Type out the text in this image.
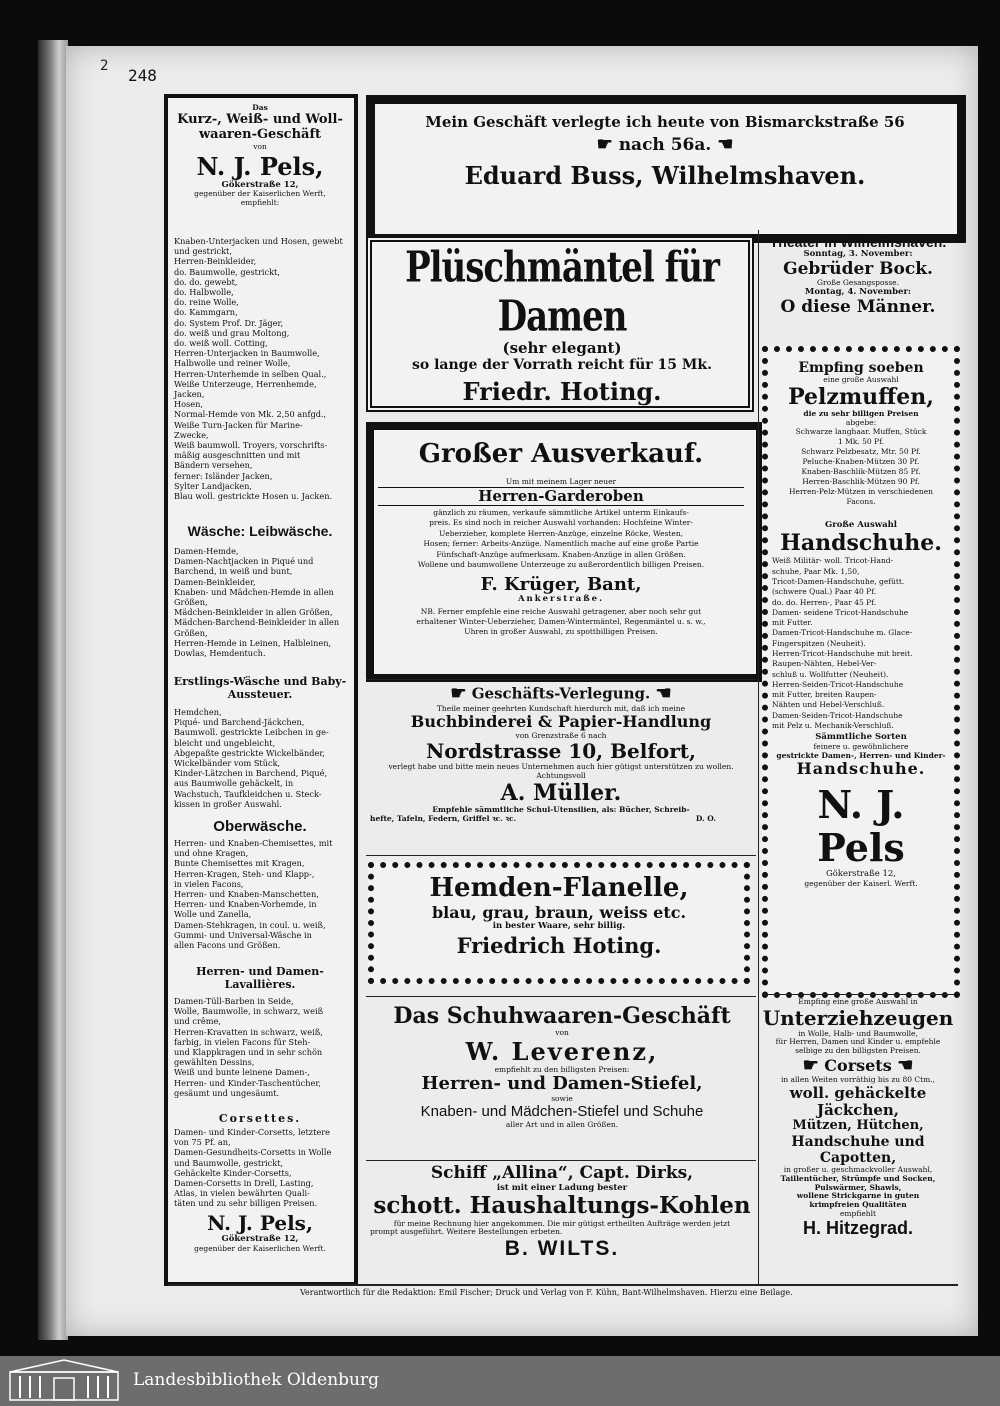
2 248
Das
Kurz-, Weiß- und Woll-
waaren-Geschäft
von
N. J. Pels,
Gökerstraße 12,
gegenüber der Kaiserlichen Werft,
empfiehlt:
Knaben-Unterjacken und Hosen, gewebt
und gestrickt,
Herren-Beinkleider,
do. Baumwolle, gestrickt,
do. do. gewebt,
do. Halbwolle,
do. reine Wolle,
do. Kammgarn,
do. System Prof. Dr. Jäger,
do. weiß und grau Moltong,
do. weiß woll. Cotting,
Herren-Unterjacken in Baumwolle,
Halbwolle und reiner Wolle,
Herren-Unterhemde in selben Qual.,
Weiße Unterzeuge, Herrenhemde, Jacken,
Hosen,
Normal-Hemde von Mk. 2,50 anfgd.,
Weiße Turn-Jacken für Marine-
Zwecke,
Weiß baumwoll. Troyers, vorschrifts-
mäßig ausgeschnitten und mit
Bändern versehen,
ferner: Isländer Jacken,
Sylter Landjacken,
Blau woll. gestrickte Hosen u. Jacken.
Wäsche: Leibwäsche.
Damen-Hemde,
Damen-Nachtjacken in Piqué und
Barchend, in weiß und bunt,
Damen-Beinkleider,
Knaben- und Mädchen-Hemde in allen
Größen,
Mädchen-Beinkleider in allen Größen,
Mädchen-Barchend-Beinkleider in allen
Größen,
Herren-Hemde in Leinen, Halbleinen,
Dowlas, Hemdentuch.
Erstlings-Wäsche und Baby-Aussteuer.
Hemdchen,
Piqué- und Barchend-Jäckchen,
Baumwoll. gestrickte Leibchen in ge-
bleicht und ungebleicht,
Abgepaßte gestrickte Wickelbänder,
Wickelbänder vom Stück,
Kinder-Lätzchen in Barchend, Piqué,
aus Baumwolle gehäckelt, in
Wachstuch, Taufkleidchen u. Steck-
kissen in großer Auswahl.
Oberwäsche.
Herren- und Knaben-Chemisettes, mit
und ohne Kragen,
Bunte Chemisettes mit Kragen,
Herren-Kragen, Steh- und Klapp-,
in vielen Facons,
Herren- und Knaben-Manschetten,
Herren- und Knaben-Vorhemde, in
Wolle und Zanella,
Damen-Stehkragen, in coul. u. weiß,
Gummi- und Universal-Wäsche in
allen Facons und Größen.
Herren- und Damen-Lavallières.
Damen-Tüll-Barben in Seide,
Wolle, Baumwolle, in schwarz, weiß
und crême,
Herren-Kravatten in schwarz, weiß,
farbig, in vielen Facons für Steh-
und Klappkragen und in sehr schön
gewählten Dessins,
Weiß und bunte leinene Damen-,
Herren- und Kinder-Taschentücher,
gesäumt und ungesäumt.
Corsettes.
Damen- und Kinder-Corsetts, letztere
von 75 Pf. an,
Damen-Gesundheits-Corsetts in Wolle
und Baumwolle, gestrickt,
Gehäckelte Kinder-Corsetts,
Damen-Corsetts in Drell, Lasting,
Atlas, in vielen bewährten Quali-
täten und zu sehr billigen Preisen.
N. J. Pels,
Gökerstraße 12,
gegenüber der Kaiserlichen Werft.
Mein Geschäft verlegte ich heute von Bismarckstraße 56
☛ nach 56a. ☚
Eduard Buss, Wilhelmshaven.
Plüschmäntel für Damen
(sehr elegant)
so lange der Vorrath reicht für 15 Mk.
Friedr. Hoting.
Großer Ausverkauf.
Um mit meinem Lager neuer
Herren-Garderoben
gänzlich zu räumen, verkaufe sämmtliche Artikel unterm Einkaufs-
preis. Es sind noch in reicher Auswahl vorhanden: Hochfeine Winter-
Ueberzieher, komplete Herren-Anzüge, einzelne Röcke, Westen,
Hosen; ferner: Arbeits-Anzüge. Namentlich mache auf eine große Partie
Fünfschaft-Anzüge aufmerksam. Knaben-Anzüge in allen Größen.
Wollene und baumwollene Unterzeuge zu außerordentlich billigen Preisen.
F. Krüger, Bant,
Ankerstraße.
NB. Ferner empfehle eine reiche Auswahl getragener, aber noch sehr gut
erhaltener Winter-Ueberzieher, Damen-Wintermäntel, Regenmäntel u. s. w.,
Uhren in großer Auswahl, zu spottbilligen Preisen.
☛ Geschäfts-Verlegung. ☚
Theile meiner geehrten Kundschaft hierdurch mit, daß ich meine
Buchbinderei & Papier-Handlung
von Grenzstraße 6 nach
Nordstrasse 10, Belfort,
verlegt habe und bitte mein neues Unternehmen auch hier gütigst unterstützen zu wollen.
Achtungsvoll
A. Müller.
Empfehle sämmtliche Schul-Utensilien, als: Bücher, Schreib-
hefte, Tafeln, Federn, Griffel ꝛc. ꝛc.	D. O.
Hemden-Flanelle,
blau, grau, braun, weiss etc.
in bester Waare, sehr billig.
Friedrich Hoting.
Das Schuhwaaren-Geschäft
von
W. Leverenz,
empfiehlt zu den billigsten Preisen:
Herren- und Damen-Stiefel,
sowie
Knaben- und Mädchen-Stiefel und Schuhe
aller Art und in allen Größen.
Schiff „Allina“, Capt. Dirks,
ist mit einer Ladung bester
schott. Haushaltungs-Kohlen
für meine Rechnung hier angekommen. Die mir gütigst ertheilten Aufträge werden jetzt
prompt ausgeführt. Weitere Bestellungen erbeten.
B. WILTS.
Theater in Wilhelmshaven.
Sonntag, 3. November:
Gebrüder Bock.
Große Gesangsposse.
Montag, 4. November:
O diese Männer.
Empfing soeben
eine große Auswahl
Pelzmuffen,
die zu sehr billigen Preisen
abgebe:
Schwarze langhaar. Muffen, Stück
1 Mk. 50 Pf.
Schwarz Pelzbesatz, Mtr. 50 Pf.
Peluche-Knaben-Mützen 30 Pf.
Knaben-Baschlik-Mützen 85 Pf.
Herren-Baschlik-Mützen 90 Pf.
Herren-Pelz-Mützen in verschiedenen
Facons.
Große Auswahl
Handschuhe.
Weiß Militär- woll. Tricot-Hand-
schuhe, Paar Mk. 1,50,
Tricot-Damen-Handschuhe, gefütt.
(schwere Qual.) Paar 40 Pf.
do. do. Herren-, Paar 45 Pf.
Damen- seidene Tricot-Handschuhe
mit Futter.
Damen-Tricot-Handschuhe m. Glace-
Fingerspitzen (Neuheit).
Herren-Tricot-Handschuhe mit breit.
Raupen-Nähten, Hebel-Ver-
schluß u. Wollfutter (Neuheit).
Herren-Seiden-Tricot-Handschuhe
mit Futter, breiten Raupen-
Nähten und Hebel-Verschluß.
Damen-Seiden-Tricot-Handschuhe
mit Pelz u. Mechanik-Verschluß.
Sämmtliche Sorten
feinere u. gewöhnlichere
gestrickte Damen-, Herren- und Kinder-
Handschuhe.
N. J. Pels
Gökerstraße 12,
gegenüber der Kaiserl. Werft.
Empfing eine große Auswahl in
Unterziehzeugen
in Wolle, Halb- und Baumwolle,
für Herren, Damen und Kinder u. empfehle
selbige zu den billigsten Preisen.
☛ Corsets ☚
in allen Weiten vorräthig bis zu 80 Ctm.,
woll. gehäckelte Jäckchen,
Mützen, Hütchen,
Handschuhe und Capotten,
in großer u. geschmackvoller Auswahl,
Taillentücher, Strümpfe und Socken,
Pulswärmer, Shawls,
wollene Strickgarne in guten
krimpfreien Qualitäten
empfiehlt
H. Hitzegrad.
Verantwortlich für die Redaktion: Emil Fischer; Druck und Verlag von F. Kühn, Bant-Wilhelmshaven. Hierzu eine Beilage.
Landesbibliothek Oldenburg
